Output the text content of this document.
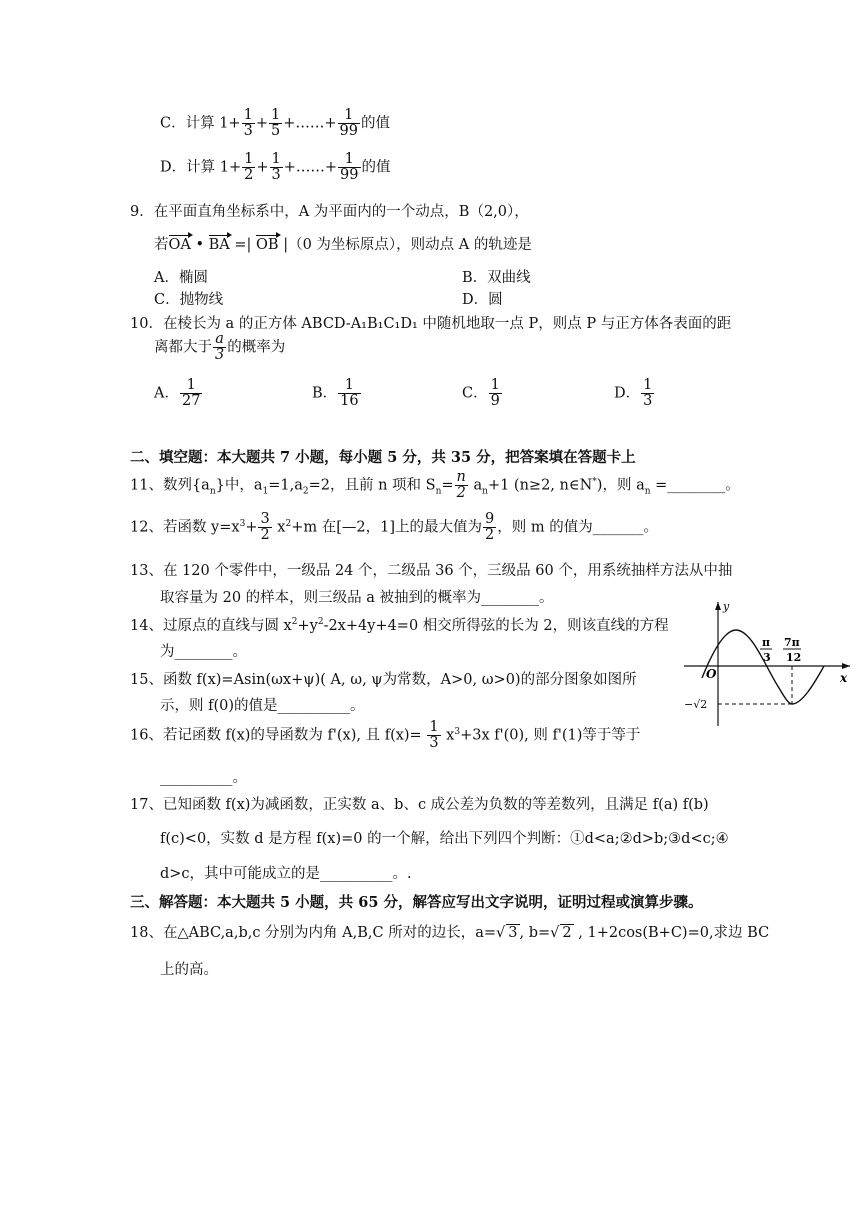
C．计算 $1+ \frac{1}{3} + \frac{1}{5}$ +……+ $\frac{1}{99}$ 的值
D．计算 $1+ \frac{1}{2} + \frac{1}{3}$ +……+ $\frac{1}{99}$ 的值
9．在平面直角坐标系中，A 为平面内的一个动点，B（2,0），
若OA • BA =| OB |（0 为坐标原点），则动点 A 的轨迹是
A．椭圆	B．双曲线
C．抛物线	D．圆
10．在棱长为 a 的正方体 ABCD-A₁B₁C₁D₁ 中随机地取一点 P，则点 P 与正方体各表面的距
离都大于 $\frac{a}{3}$ 的概率为
A． $\frac{1}{27}$	B． $\frac{1}{16}$	C． $\frac{1}{9}$	D． $\frac{1}{3}$
二、填空题：本大题共 7 小题，每小题 5 分，共 35 分，把答案填在答题卡上
11、数列$\{a_n\}$中，$a_1=1,a_2=2$，且前 n 项和 $S_n= \frac{n}{2} a_n+1$ (n≥2, n∈N*)，则 $a_n$ =________。
12、若函数 $y=x^3+ \frac{3}{2} x^2+m$ 在[—2，1]上的最大值为 $\frac{9}{2}$ ，则 m 的值为_______。
13、在 120 个零件中，一级品 24 个，二级品 36 个，三级品 60 个，用系统抽样方法从中抽
取容量为 20 的样本，则三级品 a 被抽到的概率为________。
14、过原点的直线与圆 $x^2+y^2-2x+4y+4=0$ 相交所得弦的长为 2，则该直线的方程
为________。
15、函数 f(x)=Asin(ωx+ψ)( A, ω, ψ为常数，A>0, ω>0)的部分图象如图所
示，则 f(0)的值是__________。
16、若记函数 f(x)的导函数为 f'(x), 且 $f(x)= \frac{1}{3} x^3+3x$ f'(0), 则 f'(1)等于等于
__________。
17、已知函数 f(x)为减函数，正实数 a、b、c 成公差为负数的等差数列，且满足 f(a) f(b)
f(c)<0，实数 d 是方程 f(x)=0 的一个解，给出下列四个判断：①d<a;②d>b;③d<c;④
d>c，其中可能成立的是__________。.
三、解答题：本大题共 5 小题，共 65 分，解答应写出文字说明，证明过程或演算步骤。
18、在△ABC,a,b,c 分别为内角 A,B,C 所对的边长，a=√ 3 , b=√ 2 , 1+2cos(B+C)=0,求边 BC
上的高。
y
x
O
π
3
7π
12
−√2
